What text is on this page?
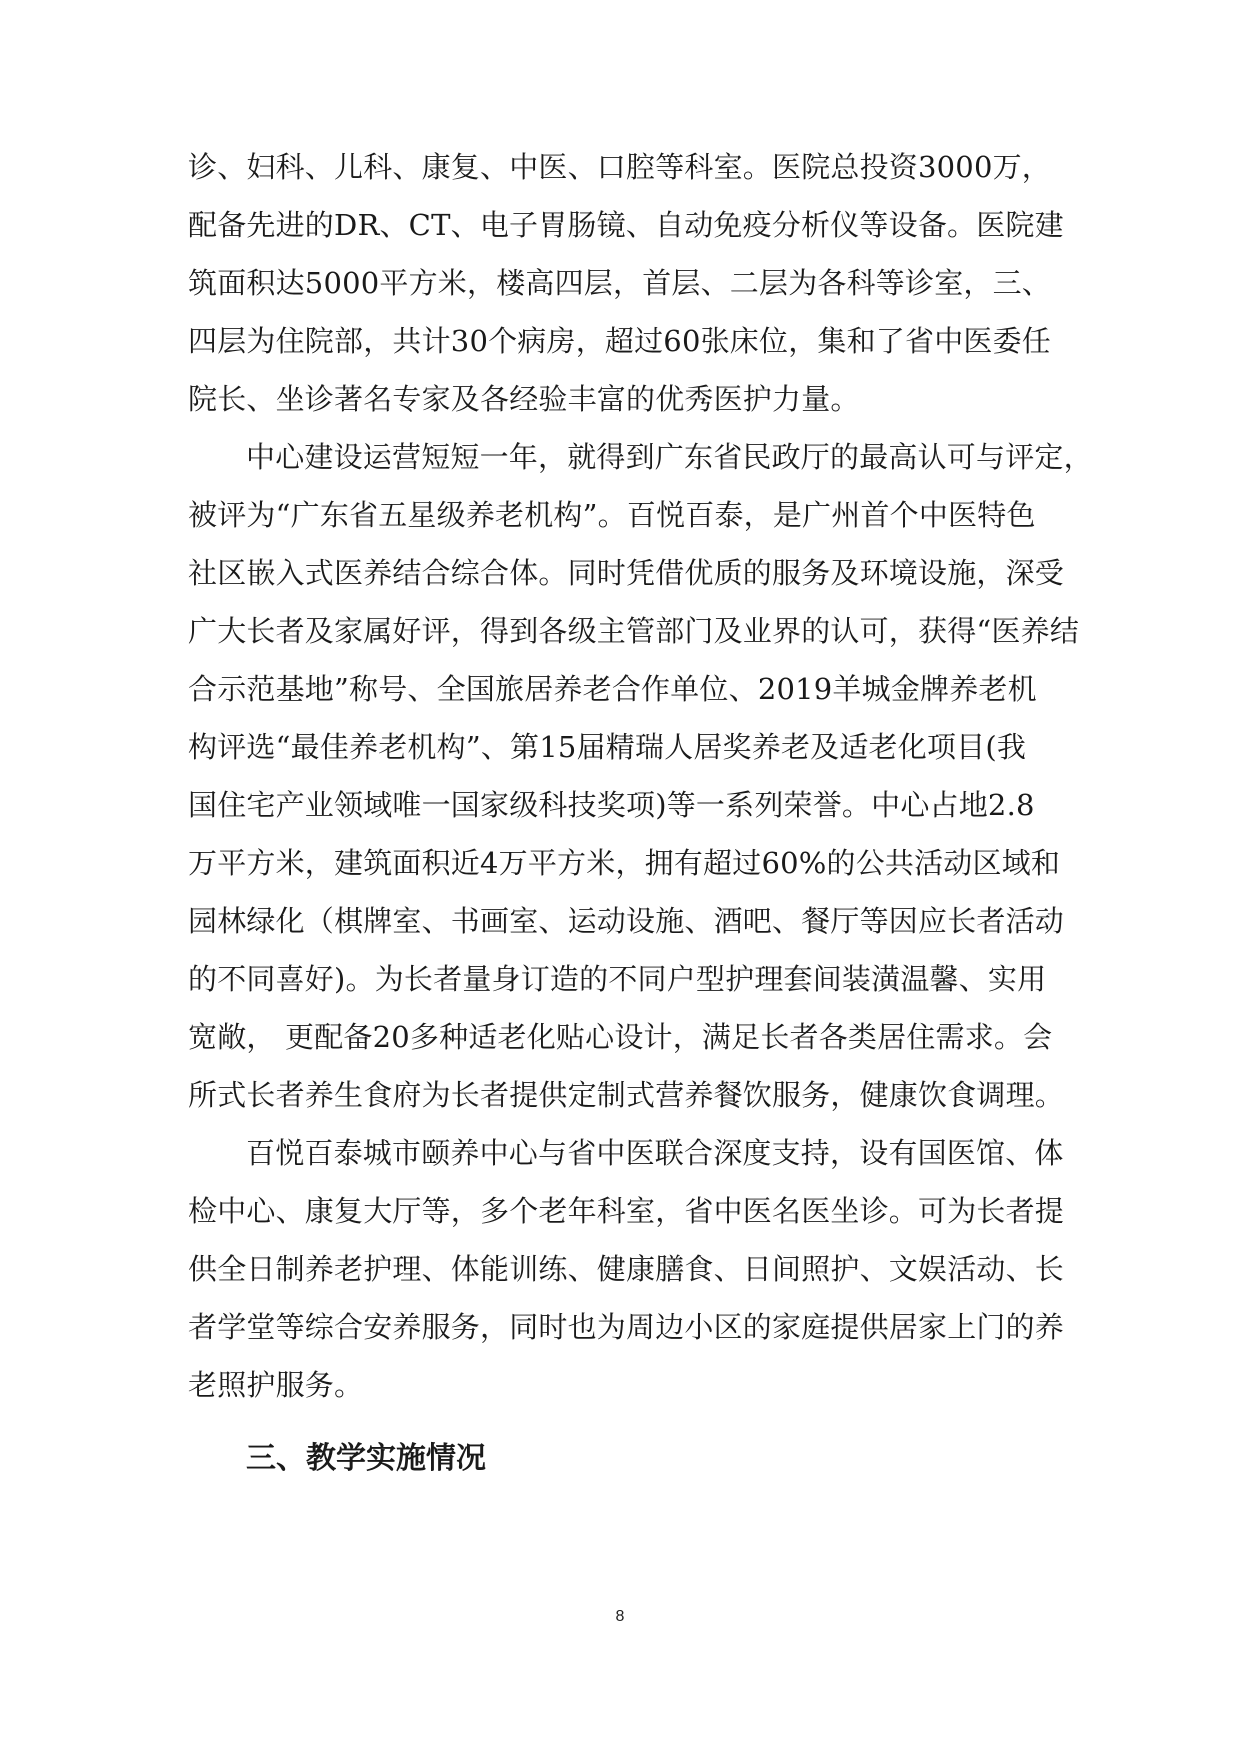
诊、妇科、儿科、康复、中医、口腔等科室。医院总投资3000万，
配备先进的DR、CT、电子胃肠镜、自动免疫分析仪等设备。医院建
筑面积达5000平方米，楼高四层，首层、二层为各科等诊室，三、
四层为住院部，共计30个病房，超过60张床位，集和了省中医委任
院长、坐诊著名专家及各经验丰富的优秀医护力量。
中心建设运营短短一年，就得到广东省民政厅的最高认可与评定，
被评为“广东省五星级养老机构”。百悦百泰，是广州首个中医特色
社区嵌入式医养结合综合体。同时凭借优质的服务及环境设施，深受
广大长者及家属好评，得到各级主管部门及业界的认可，获得“医养结
合示范基地”称号、全国旅居养老合作单位、2019羊城金牌养老机
构评选“最佳养老机构”、第15届精瑞人居奖养老及适老化项目(我
国住宅产业领域唯一国家级科技奖项)等一系列荣誉。中心占地2.8
万平方米，建筑面积近4万平方米，拥有超过60%的公共活动区域和
园林绿化（棋牌室、书画室、运动设施、酒吧、餐厅等因应长者活动
的不同喜好)。为长者量身订造的不同户型护理套间装潢温馨、实用
宽敞， 更配备20多种适老化贴心设计，满足长者各类居住需求。会
所式长者养生食府为长者提供定制式营养餐饮服务，健康饮食调理。
百悦百泰城市颐养中心与省中医联合深度支持，设有国医馆、体
检中心、康复大厅等，多个老年科室，省中医名医坐诊。可为长者提
供全日制养老护理、体能训练、健康膳食、日间照护、文娱活动、长
者学堂等综合安养服务，同时也为周边小区的家庭提供居家上门的养
老照护服务。
三、教学实施情况
8
